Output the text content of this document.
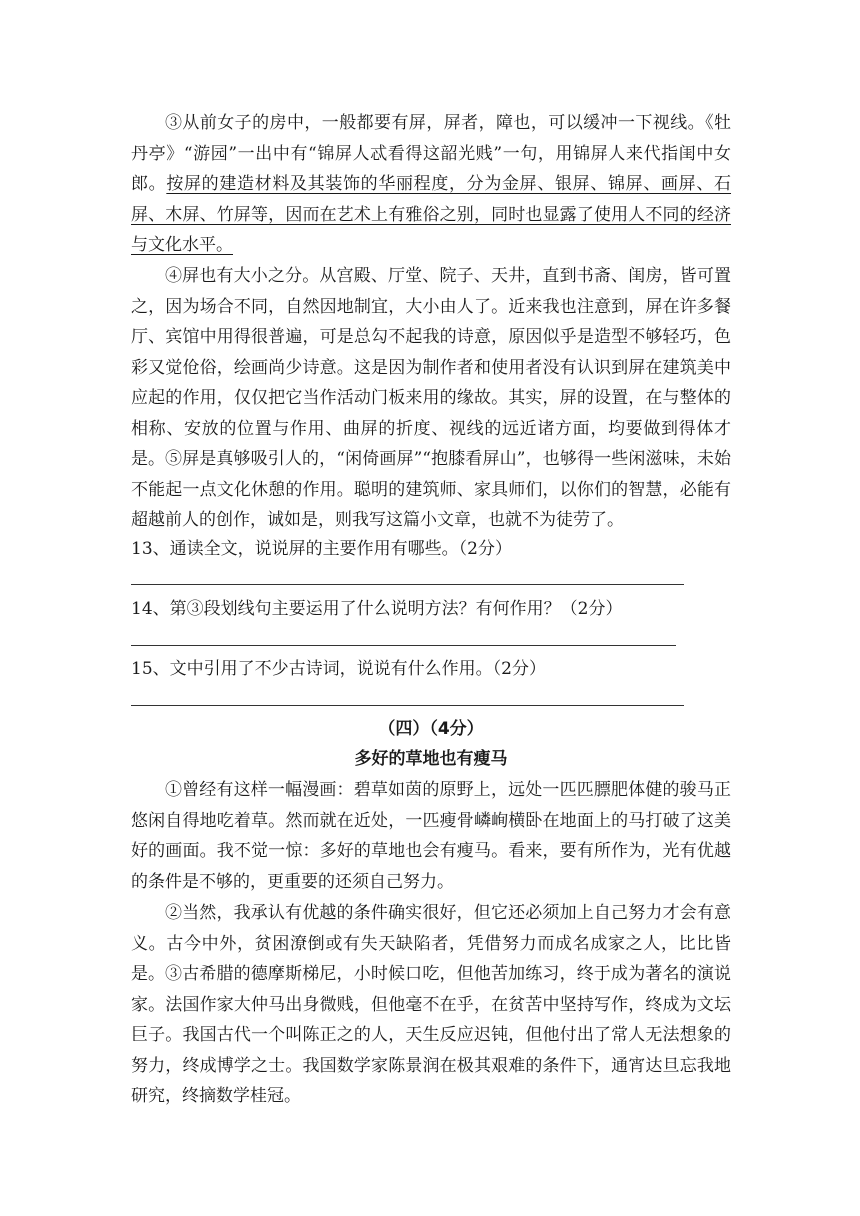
③从前女子的房中，一般都要有屏，屏者，障也，可以缓冲一下视线。《牡丹亭》“游园”一出中有“锦屏人忒看得这韶光贱”一句，用锦屏人来代指闺中女郎。按屏的建造材料及其装饰的华丽程度，分为金屏、银屏、锦屏、画屏、石屏、木屏、竹屏等，因而在艺术上有雅俗之别，同时也显露了使用人不同的经济与文化水平。

④屏也有大小之分。从宫殿、厅堂、院子、天井，直到书斋、闺房，皆可置之，因为场合不同，自然因地制宜，大小由人了。近来我也注意到，屏在许多餐厅、宾馆中用得很普遍，可是总勾不起我的诗意，原因似乎是造型不够轻巧，色彩又觉伧俗，绘画尚少诗意。这是因为制作者和使用者没有认识到屏在建筑美中应起的作用，仅仅把它当作活动门板来用的缘故。其实，屏的设置，在与整体的相称、安放的位置与作用、曲屏的折度、视线的远近诸方面，均要做到得体才是。 ⑤屏是真够吸引人的，“闲倚画屏”“抱膝看屏山”，也够得一些闲滋味，未始不能起一点文化休憩的作用。聪明的建筑师、家具师们，以你们的智慧，必能有超越前人的创作，诚如是，则我写这篇小文章，也就不为徒劳了。

13、通读全文，说说屏的主要作用有哪些。（2分）

14、第③段划线句主要运用了什么说明方法？有何作用？（2分）

15、文中引用了不少古诗词，说说有什么作用。（2分）

（四）（4分）

多好的草地也有瘦马

①曾经有这样一幅漫画：碧草如茵的原野上，远处一匹匹膘肥体健的骏马正悠闲自得地吃着草。然而就在近处，一匹瘦骨嶙峋横卧在地面上的马打破了这美好的画面。我不觉一惊：多好的草地也会有瘦马。看来，要有所作为，光有优越的条件是不够的，更重要的还须自己努力。

②当然，我承认有优越的条件确实很好，但它还必须加上自己努力才会有意义。古今中外，贫困潦倒或有失天缺陷者，凭借努力而成名成家之人，比比皆是。 ③古希腊的德摩斯梯尼，小时候口吃，但他苦加练习，终于成为著名的演说家。法国作家大仲马出身微贱，但他毫不在乎，在贫苦中坚持写作，终成为文坛巨子。我国古代一个叫陈正之的人，天生反应迟钝，但他付出了常人无法想象的努力，终成博学之士。我国数学家陈景润在极其艰难的条件下，通宵达旦忘我地研究，终摘数学桂冠。
